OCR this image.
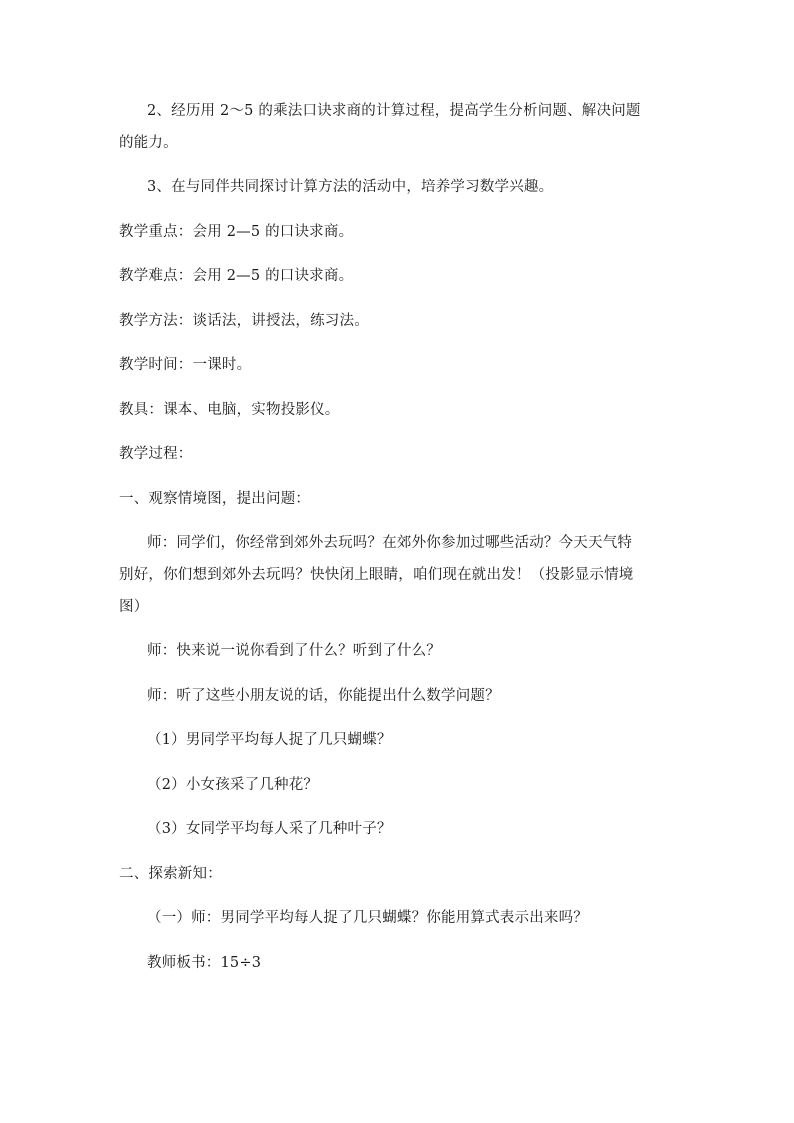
2、经历用 2～5 的乘法口诀求商的计算过程，提高学生分析问题、解决问题
的能力。
3、在与同伴共同探讨计算方法的活动中，培养学习数学兴趣。
教学重点：会用 2—5 的口诀求商。
教学难点：会用 2—5 的口诀求商。
教学方法：谈话法，讲授法，练习法。
教学时间：一课时。
教具：课本、电脑，实物投影仪。
教学过程：
一、观察情境图，提出问题：
师：同学们，你经常到郊外去玩吗？在郊外你参加过哪些活动？今天天气特
别好，你们想到郊外去玩吗？快快闭上眼睛，咱们现在就出发！（投影显示情境
图）
师：快来说一说你看到了什么？听到了什么？
师：听了这些小朋友说的话，你能提出什么数学问题？
（1）男同学平均每人捉了几只蝴蝶？
（2）小女孩采了几种花？
（3）女同学平均每人采了几种叶子？
二、探索新知：
（一）师：男同学平均每人捉了几只蝴蝶？你能用算式表示出来吗？
教师板书：15÷3
